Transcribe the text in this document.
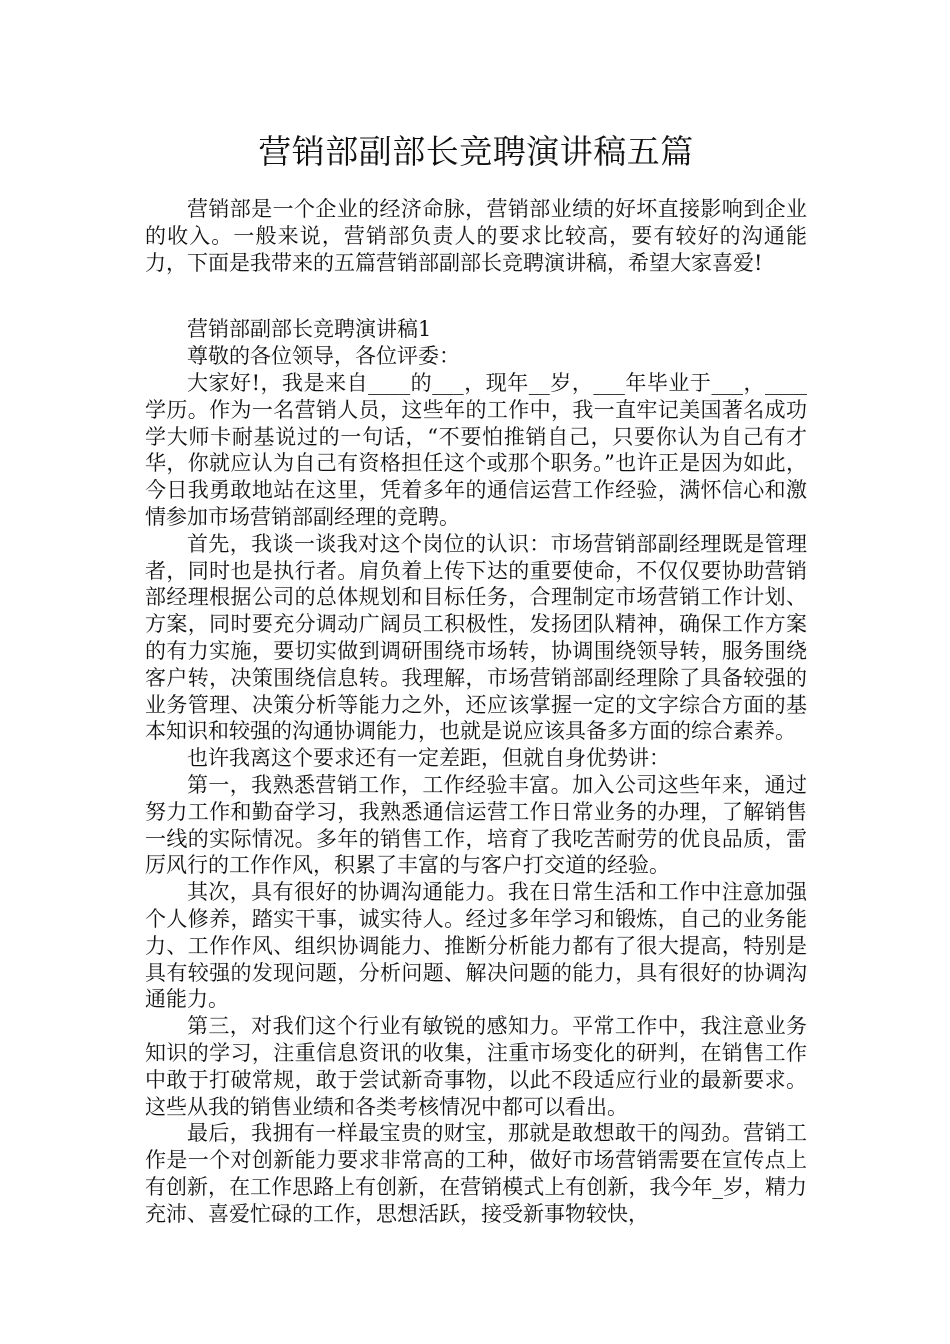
营销部副部长竞聘演讲稿五篇

营销部是一个企业的经济命脉，营销部业绩的好坏直接影响到企业的收入。一般来说，营销部负责人的要求比较高，要有较好的沟通能力，下面是我带来的五篇营销部副部长竞聘演讲稿，希望大家喜爱!

营销部副部长竞聘演讲稿1

尊敬的各位领导，各位评委：

大家好!，我是来自____的___，现年__岁，___年毕业于___，____学历。作为一名营销人员，这些年的工作中，我一直牢记美国著名成功学大师卡耐基说过的一句话，“不要怕推销自己，只要你认为自己有才华，你就应认为自己有资格担任这个或那个职务。”也许正是因为如此，今日我勇敢地站在这里，凭着多年的通信运营工作经验，满怀信心和激情参加市场营销部副经理的竞聘。

首先，我谈一谈我对这个岗位的认识：市场营销部副经理既是管理者，同时也是执行者。肩负着上传下达的重要使命，不仅仅要协助营销部经理根据公司的总体规划和目标任务，合理制定市场营销工作计划、方案，同时要充分调动广阔员工积极性，发扬团队精神，确保工作方案的有力实施，要切实做到调研围绕市场转，协调围绕领导转，服务围绕客户转，决策围绕信息转。我理解，市场营销部副经理除了具备较强的业务管理、决策分析等能力之外，还应该掌握一定的文字综合方面的基本知识和较强的沟通协调能力，也就是说应该具备多方面的综合素养。

也许我离这个要求还有一定差距，但就自身优势讲：

第一，我熟悉营销工作，工作经验丰富。加入公司这些年来，通过努力工作和勤奋学习，我熟悉通信运营工作日常业务的办理，了解销售一线的实际情况。多年的销售工作，培育了我吃苦耐劳的优良品质，雷厉风行的工作作风，积累了丰富的与客户打交道的经验。

其次，具有很好的协调沟通能力。我在日常生活和工作中注意加强个人修养，踏实干事，诚实待人。经过多年学习和锻炼，自己的业务能力、工作作风、组织协调能力、推断分析能力都有了很大提高，特别是具有较强的发现问题，分析问题、解决问题的能力，具有很好的协调沟通能力。

第三，对我们这个行业有敏锐的感知力。平常工作中，我注意业务知识的学习，注重信息资讯的收集，注重市场变化的研判，在销售工作中敢于打破常规，敢于尝试新奇事物，以此不段适应行业的最新要求。这些从我的销售业绩和各类考核情况中都可以看出。

最后，我拥有一样最宝贵的财宝，那就是敢想敢干的闯劲。营销工作是一个对创新能力要求非常高的工种，做好市场营销需要在宣传点上有创新，在工作思路上有创新，在营销模式上有创新，我今年_岁，精力充沛、喜爱忙碌的工作，思想活跃，接受新事物较快，
